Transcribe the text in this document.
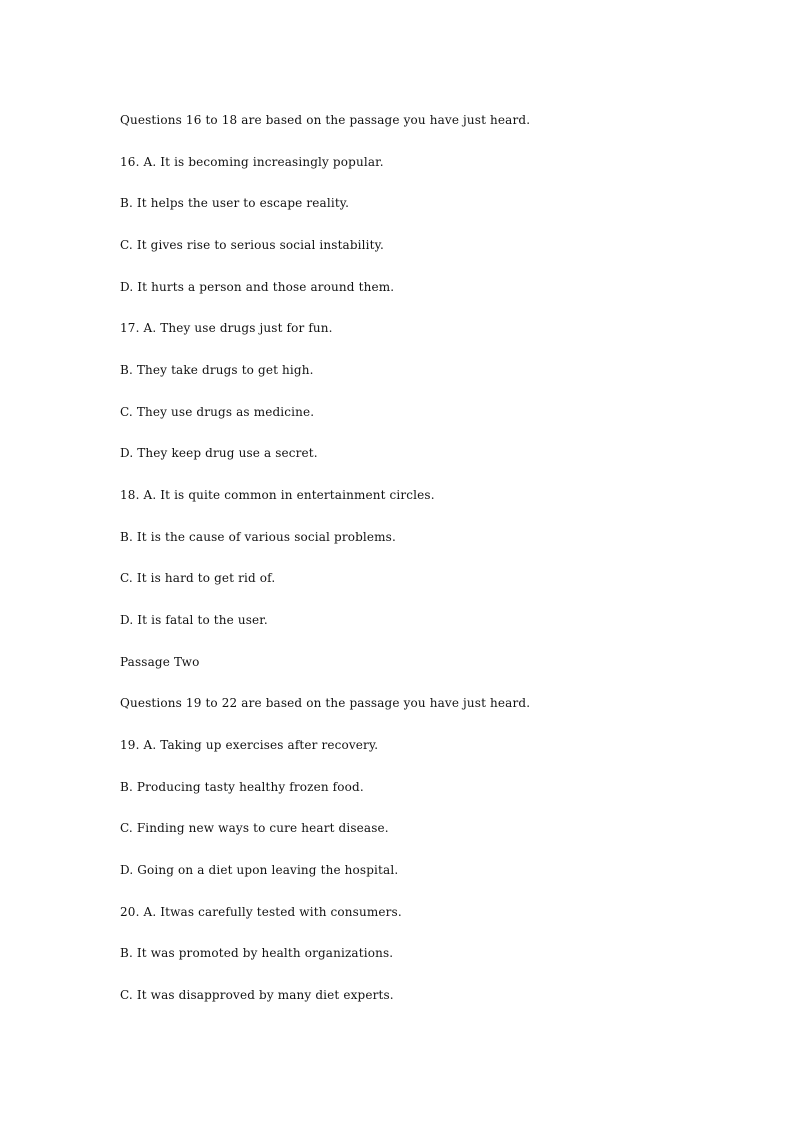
Questions 16 to 18 are based on the passage you have just heard.
16. A. It is becoming increasingly popular.
B. It helps the user to escape reality.
C. It gives rise to serious social instability.
D. It hurts a person and those around them.
17. A. They use drugs just for fun.
B. They take drugs to get high.
C. They use drugs as medicine.
D. They keep drug use a secret.
18. A. It is quite common in entertainment circles.
B. It is the cause of various social problems.
C. It is hard to get rid of.
D. It is fatal to the user.
Passage Two
Questions 19 to 22 are based on the passage you have just heard.
19. A. Taking up exercises after recovery.
B. Producing tasty healthy frozen food.
C. Finding new ways to cure heart disease.
D. Going on a diet upon leaving the hospital.
20. A. Itwas carefully tested with consumers.
B. It was promoted by health organizations.
C. It was disapproved by many diet experts.
